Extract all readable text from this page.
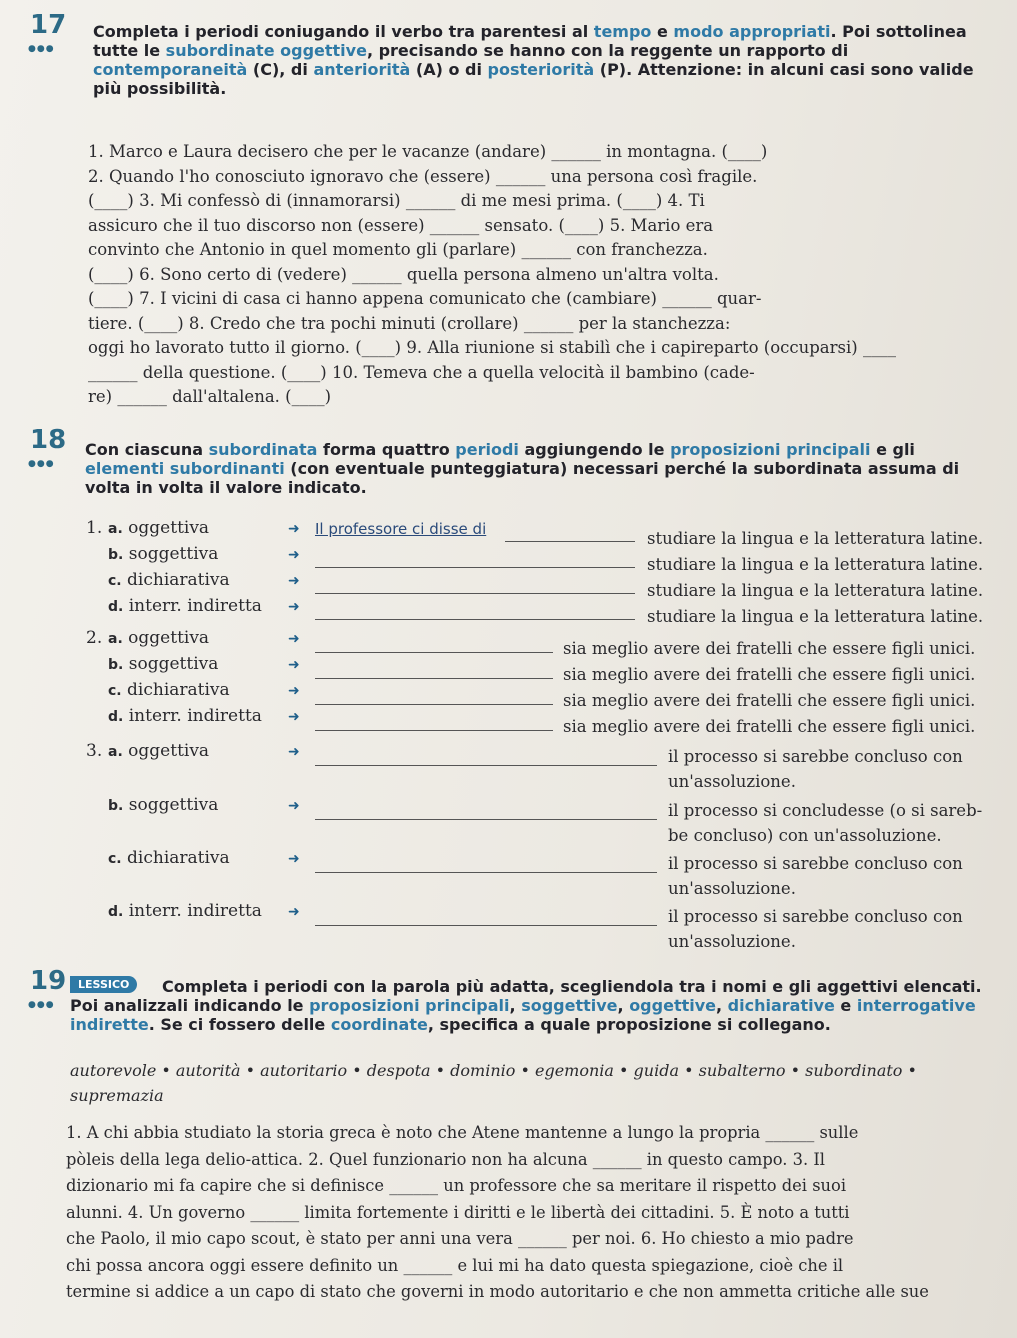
17
●●●
Completa i periodi coniugando il verbo tra parentesi al tempo e modo appropriati. Poi sottolinea tutte le subordinate oggettive, precisando se hanno con la reggente un rapporto di contemporaneità (C), di anteriorità (A) o di posteriorità (P). Attenzione: in alcuni casi sono valide più possibilità.
1. Marco e Laura decisero che per le vacanze (andare) ______ in montagna. (____)
2. Quando l'ho conosciuto ignoravo che (essere) ______ una persona così fragile.
(____) 3. Mi confessò di (innamorarsi) ______ di me mesi prima. (____) 4. Ti
assicuro che il tuo discorso non (essere) ______ sensato. (____) 5. Mario era
convinto che Antonio in quel momento gli (parlare) ______ con franchezza.
(____) 6. Sono certo di (vedere) ______ quella persona almeno un'altra volta.
(____) 7. I vicini di casa ci hanno appena comunicato che (cambiare) ______ quar-
tiere. (____) 8. Credo che tra pochi minuti (crollare) ______ per la stanchezza:
oggi ho lavorato tutto il giorno. (____) 9. Alla riunione si stabilì che i capireparto (occuparsi) ____
______ della questione. (____) 10. Temeva che a quella velocità il bambino (cade-
re) ______ dall'altalena. (____)
18
●●●
Con ciascuna subordinata forma quattro periodi aggiungendo le proposizioni principali e gli elementi subordinanti (con eventuale punteggiatura) necessari perché la subordinata assuma di volta in volta il valore indicato.
1. a. oggettiva	➜ Il professore ci disse di	studiare la lingua e la letteratura latine.
b. soggettiva	➜	studiare la lingua e la letteratura latine.
c. dichiarativa	➜	studiare la lingua e la letteratura latine.
d. interr. indiretta ➜	studiare la lingua e la letteratura latine.
2. a. oggettiva	➜	sia meglio avere dei fratelli che essere figli unici.
b. soggettiva	➜	sia meglio avere dei fratelli che essere figli unici.
c. dichiarativa	➜	sia meglio avere dei fratelli che essere figli unici.
d. interr. indiretta ➜	sia meglio avere dei fratelli che essere figli unici.
3. a. oggettiva	➜	il processo si sarebbe concluso con
un'assoluzione.
b. soggettiva	➜	il processo si concludesse (o si sareb-
be concluso) con un'assoluzione.
c. dichiarativa	➜	il processo si sarebbe concluso con
un'assoluzione.
d. interr. indiretta ➜	il processo si sarebbe concluso con
un'assoluzione.
19
●●●
LESSICO	Completa i periodi con la parola più adatta, scegliendola tra i nomi e gli aggettivi elencati. Poi analizzali indicando le proposizioni principali, soggettive, oggettive, dichiarative e interrogative indirette. Se ci fossero delle coordinate, specifica a quale proposizione si collegano.
autorevole • autorità • autoritario • despota • dominio • egemonia • guida • subalterno • subordinato • supremazia
1. A chi abbia studiato la storia greca è noto che Atene mantenne a lungo la propria ______ sulle
pòleis della lega delio-attica. 2. Quel funzionario non ha alcuna ______ in questo campo. 3. Il
dizionario mi fa capire che si definisce ______ un professore che sa meritare il rispetto dei suoi
alunni. 4. Un governo ______ limita fortemente i diritti e le libertà dei cittadini. 5. È noto a tutti
che Paolo, il mio capo scout, è stato per anni una vera ______ per noi. 6. Ho chiesto a mio padre
chi possa ancora oggi essere definito un ______ e lui mi ha dato questa spiegazione, cioè che il
termine si addice a un capo di stato che governi in modo autoritario e che non ammetta critiche alle sue
